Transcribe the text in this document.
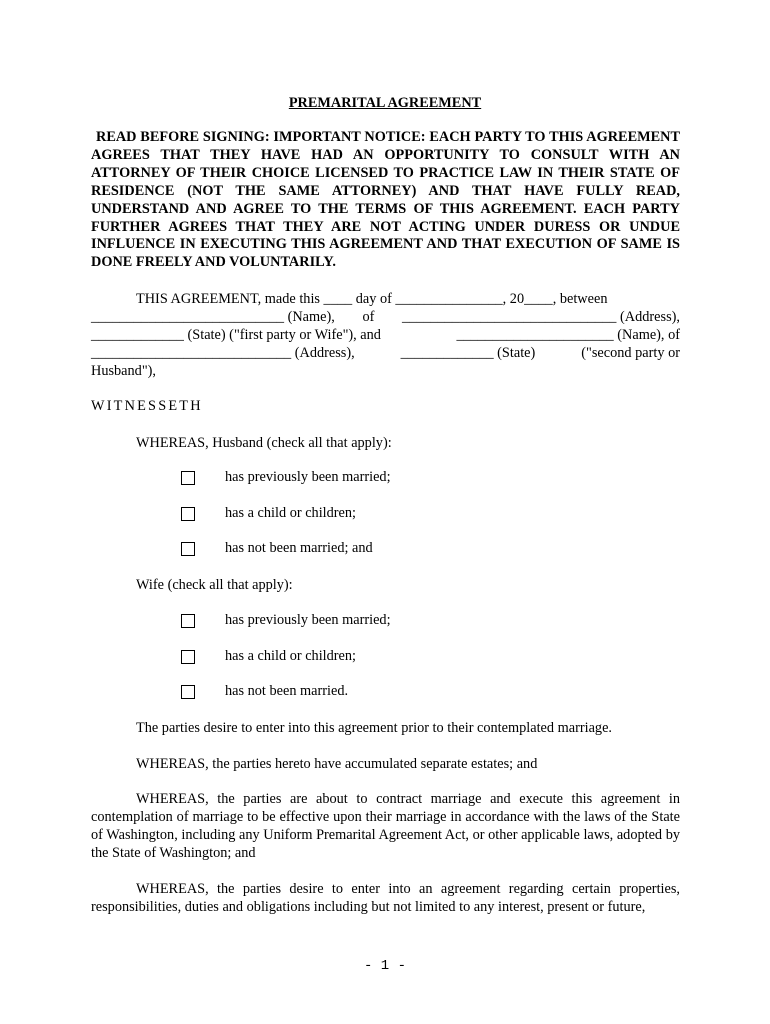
PREMARITAL AGREEMENT
READ BEFORE SIGNING: IMPORTANT NOTICE: EACH PARTY TO THIS AGREEMENT AGREES THAT THEY HAVE HAD AN OPPORTUNITY TO CONSULT WITH AN ATTORNEY OF THEIR CHOICE LICENSED TO PRACTICE LAW IN THEIR STATE OF RESIDENCE (NOT THE SAME ATTORNEY) AND THAT HAVE FULLY READ, UNDERSTAND AND AGREE TO THE TERMS OF THIS AGREEMENT. EACH PARTY FURTHER AGREES THAT THEY ARE NOT ACTING UNDER DURESS OR UNDUE INFLUENCE IN EXECUTING THIS AGREEMENT AND THAT EXECUTION OF SAME IS DONE FREELY AND VOLUNTARILY.
THIS AGREEMENT, made this ____ day of _______________, 20____, between
___________________________ (Name), of ______________________________ (Address),
_____________ (State) ("first party or Wife"), and	______________________ (Name), of
____________________________ (Address),	_____________ (State)	("second party or
Husband"),
WITNESSETH
WHEREAS, Husband (check all that apply):
has previously been married;
has a child or children;
has not been married; and
Wife (check all that apply):
has previously been married;
has a child or children;
has not been married.
The parties desire to enter into this agreement prior to their contemplated marriage.
WHEREAS, the parties hereto have accumulated separate estates; and
WHEREAS, the parties are about to contract marriage and execute this agreement in contemplation of marriage to be effective upon their marriage in accordance with the laws of the State of Washington, including any Uniform Premarital Agreement Act, or other applicable laws, adopted by the State of Washington; and
WHEREAS, the parties desire to enter into an agreement regarding certain properties, responsibilities, duties and obligations including but not limited to any interest, present or future,
- 1 -
